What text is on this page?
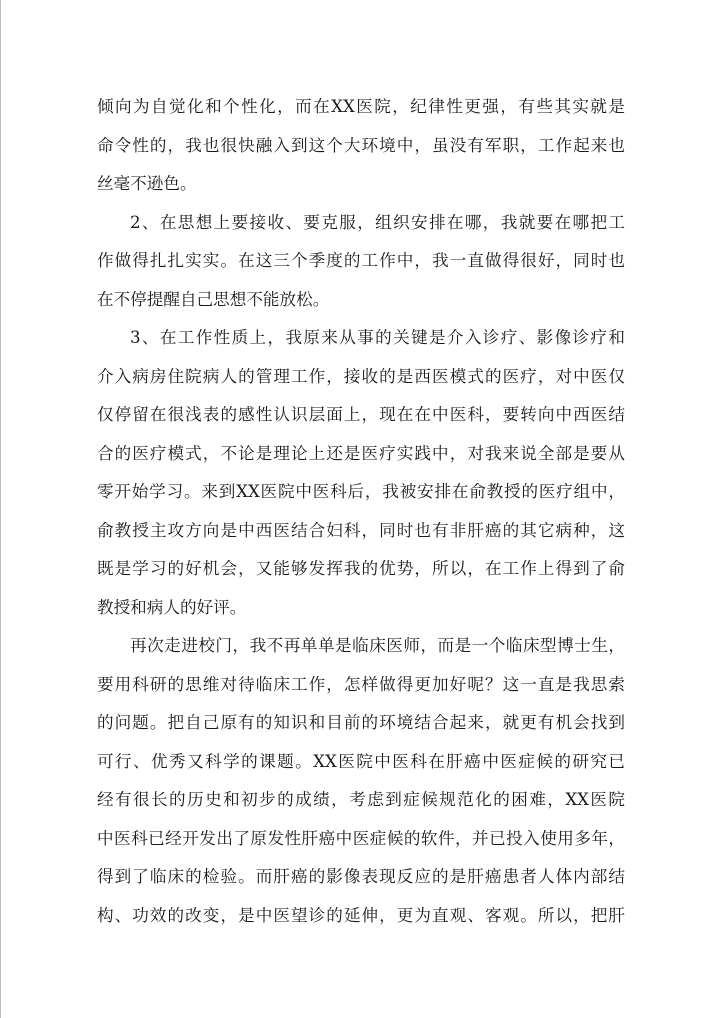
倾向为自觉化和个性化，而在XX医院，纪律性更强，有些其实就是
命令性的，我也很快融入到这个大环境中，虽没有军职，工作起来也
丝毫不逊色。

2、在思想上要接收、要克服，组织安排在哪，我就要在哪把工
作做得扎扎实实。在这三个季度的工作中，我一直做得很好，同时也
在不停提醒自己思想不能放松。

3、在工作性质上，我原来从事的关键是介入诊疗、影像诊疗和
介入病房住院病人的管理工作，接收的是西医模式的医疗，对中医仅
仅停留在很浅表的感性认识层面上，现在在中医科，要转向中西医结
合的医疗模式，不论是理论上还是医疗实践中，对我来说全部是要从
零开始学习。来到XX医院中医科后，我被安排在俞教授的医疗组中，
俞教授主攻方向是中西医结合妇科，同时也有非肝癌的其它病种，这
既是学习的好机会，又能够发挥我的优势，所以，在工作上得到了俞
教授和病人的好评。

再次走进校门，我不再单单是临床医师，而是一个临床型博士生，
要用科研的思维对待临床工作，怎样做得更加好呢？这一直是我思索
的问题。把自己原有的知识和目前的环境结合起来，就更有机会找到
可行、优秀又科学的课题。XX医院中医科在肝癌中医症候的研究已
经有很长的历史和初步的成绩，考虑到症候规范化的困难，XX医院
中医科已经开发出了原发性肝癌中医症候的软件，并已投入使用多年，
得到了临床的检验。而肝癌的影像表现反应的是肝癌患者人体内部结
构、功效的改变，是中医望诊的延伸，更为直观、客观。所以，把肝
